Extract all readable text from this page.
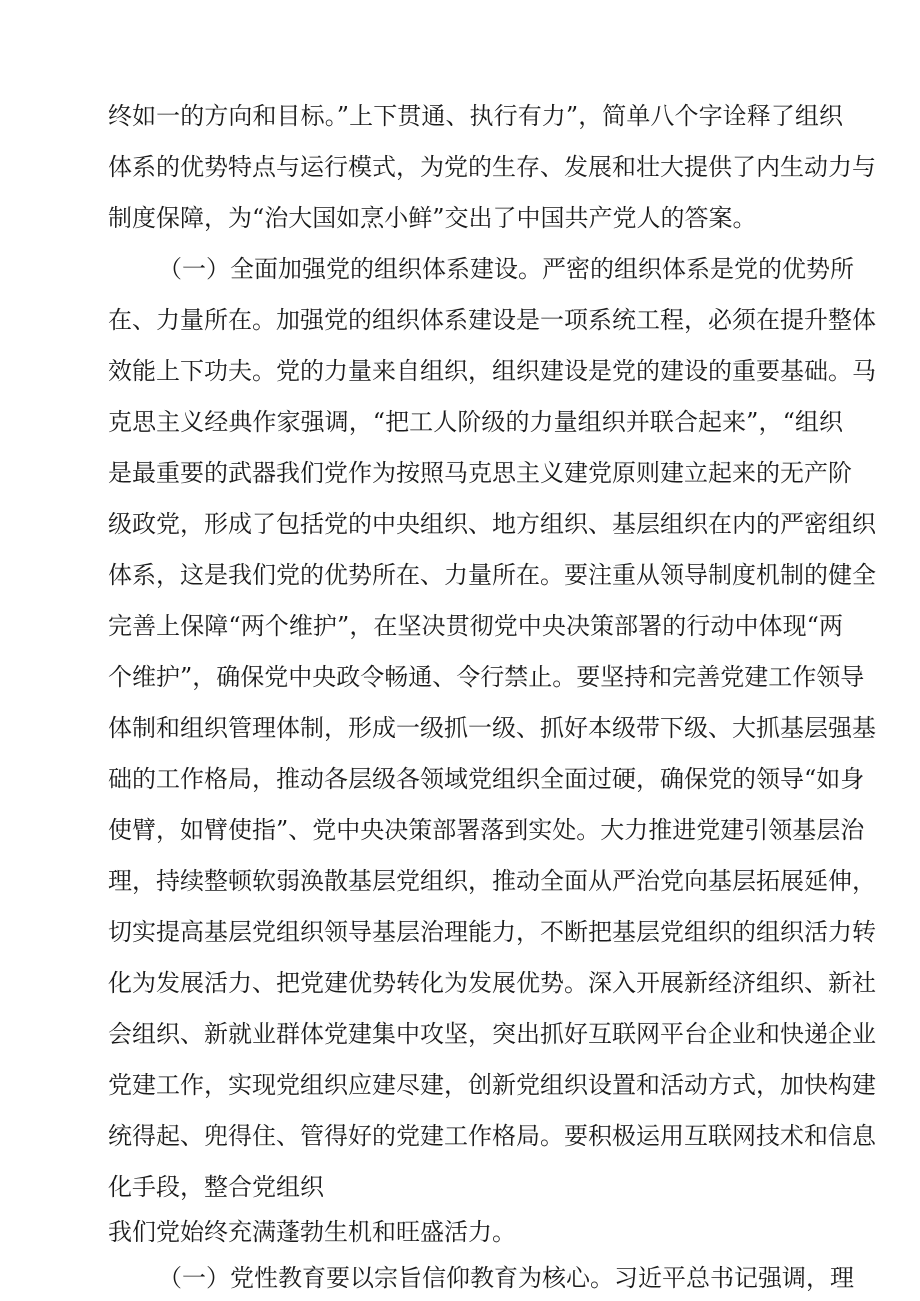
终如一的方向和目标。”上下贯通、执行有力”，简单八个字诠释了组织
体系的优势特点与运行模式，为党的生存、发展和壮大提供了内生动力与
制度保障，为“治大国如烹小鲜”交出了中国共产党人的答案。
（一）全面加强党的组织体系建设。严密的组织体系是党的优势所
在、力量所在。加强党的组织体系建设是一项系统工程，必须在提升整体
效能上下功夫。党的力量来自组织，组织建设是党的建设的重要基础。马
克思主义经典作家强调，“把工人阶级的力量组织并联合起来”，“组织
是最重要的武器我们党作为按照马克思主义建党原则建立起来的无产阶
级政党，形成了包括党的中央组织、地方组织、基层组织在内的严密组织
体系，这是我们党的优势所在、力量所在。要注重从领导制度机制的健全
完善上保障“两个维护”，在坚决贯彻党中央决策部署的行动中体现“两
个维护”，确保党中央政令畅通、令行禁止。要坚持和完善党建工作领导
体制和组织管理体制，形成一级抓一级、抓好本级带下级、大抓基层强基
础的工作格局，推动各层级各领域党组织全面过硬，确保党的领导“如身
使臂，如臂使指”、党中央决策部署落到实处。大力推进党建引领基层治
理，持续整顿软弱涣散基层党组织，推动全面从严治党向基层拓展延伸，
切实提高基层党组织领导基层治理能力，不断把基层党组织的组织活力转
化为发展活力、把党建优势转化为发展优势。深入开展新经济组织、新社
会组织、新就业群体党建集中攻坚，突出抓好互联网平台企业和快递企业
党建工作，实现党组织应建尽建，创新党组织设置和活动方式，加快构建
统得起、兜得住、管得好的党建工作格局。要积极运用互联网技术和信息
化手段，整合党组织
我们党始终充满蓬勃生机和旺盛活力。
（一）党性教育要以宗旨信仰教育为核心。习近平总书记强调，理
